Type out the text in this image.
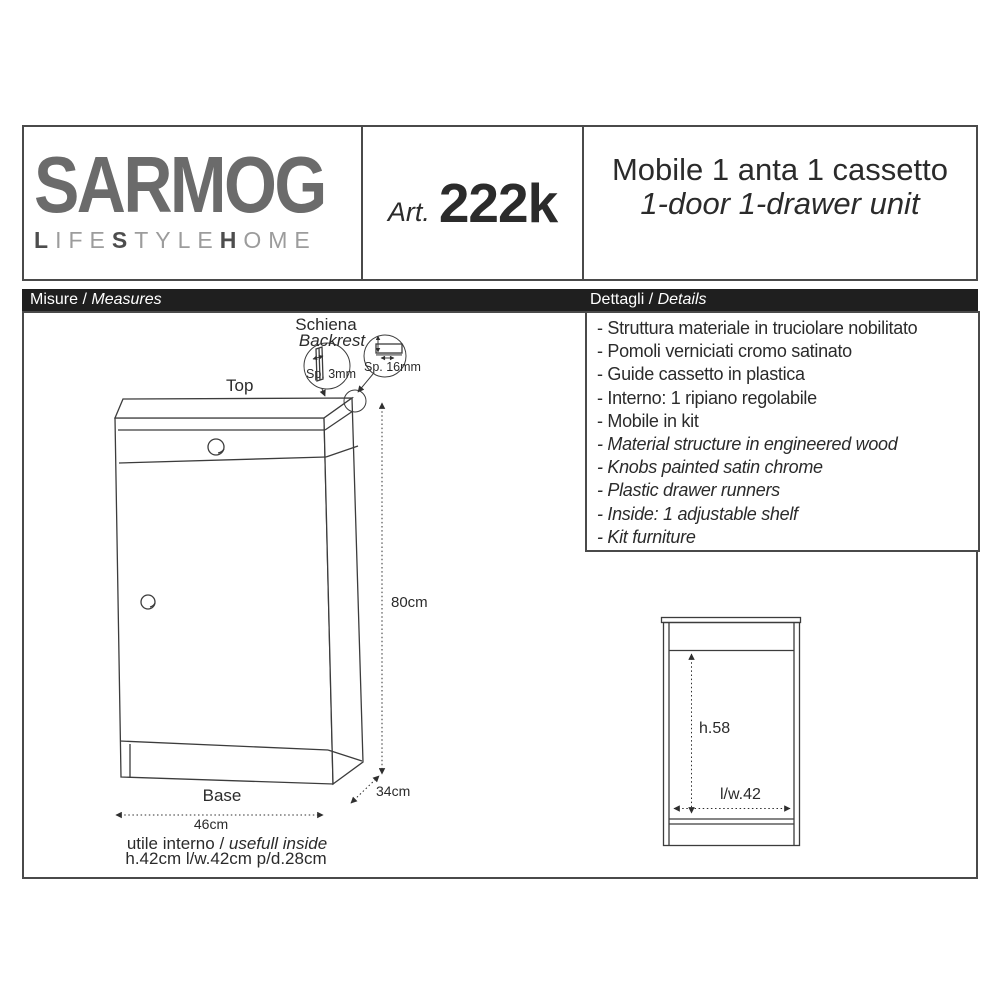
SARMOG
LIFESTYLEHOME
Art. 222k
Mobile 1 anta 1 cassetto
1-door 1-drawer unit
Misure / Measures	Dettagli / Details
- Struttura materiale in truciolare nobilitato
- Pomoli verniciati cromo satinato
- Guide cassetto in plastica
- Interno: 1 ripiano regolabile
- Mobile in kit
- Material structure in engineered wood
- Knobs painted satin chrome
- Plastic drawer runners
- Inside: 1 adjustable shelf
- Kit furniture
80cm
Base
46cm
34cm
Top
Schiena
Backrest
Sp. 3mm Sp. 16mm
utile interno / usefull inside
h.42cm l/w.42cm p/d.28cm
h.58
l/w.42
